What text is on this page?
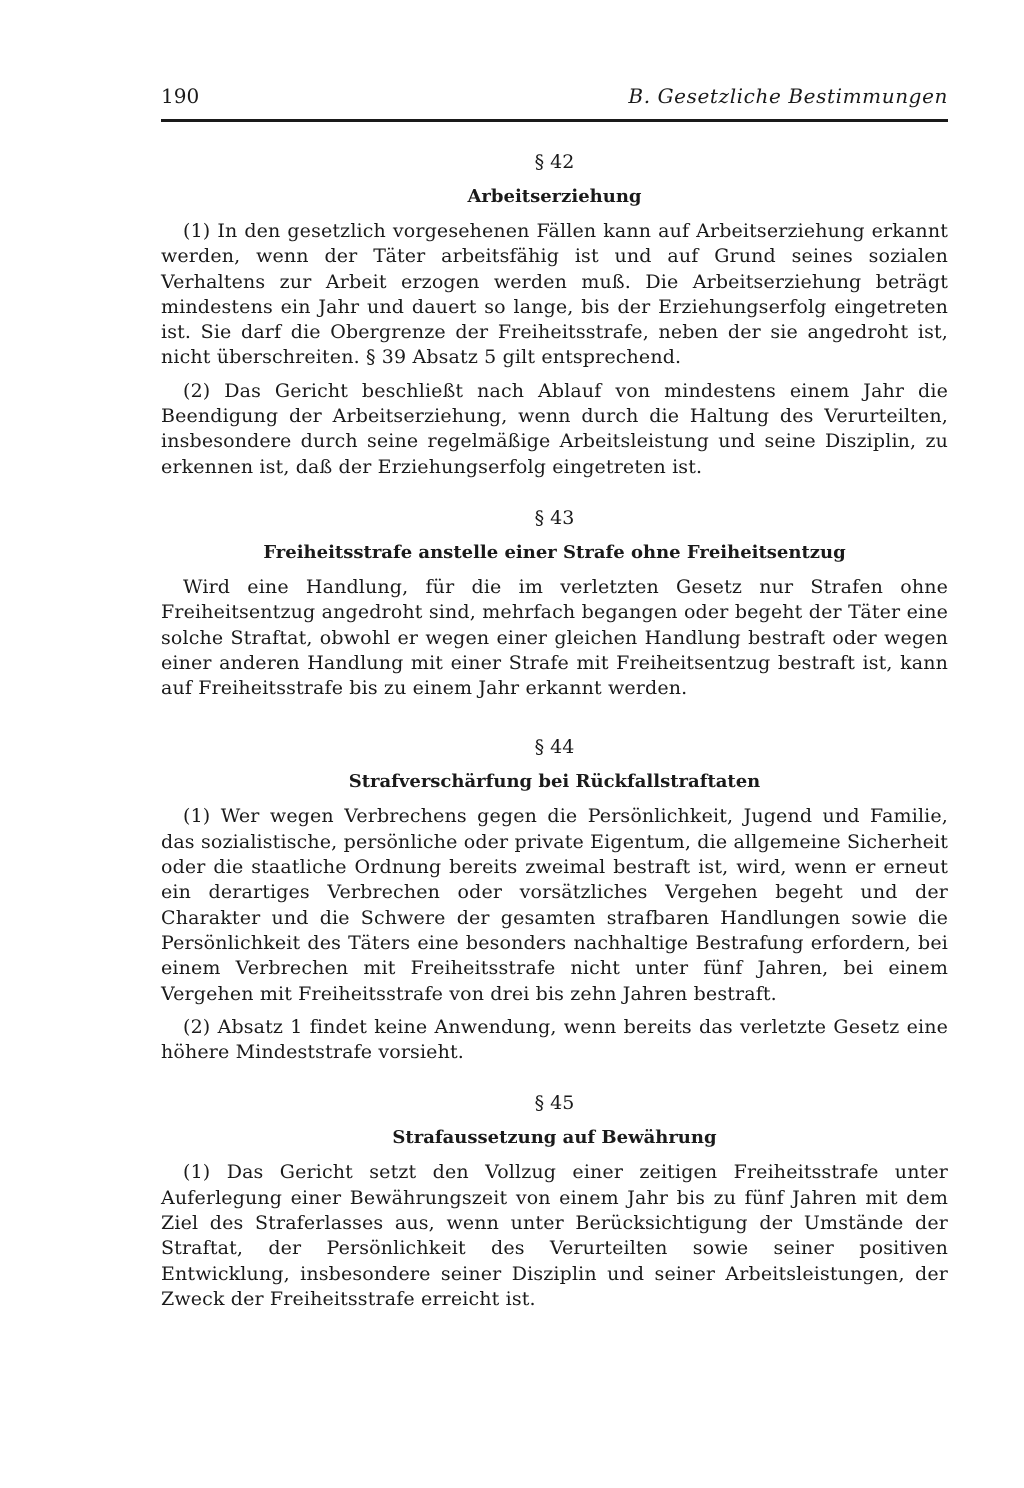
190	B. Gesetzliche Bestimmungen
§ 42
Arbeitserziehung

(1) In den gesetzlich vorgesehenen Fällen kann auf Arbeitserziehung erkannt werden, wenn der Täter arbeitsfähig ist und auf Grund seines sozialen Verhaltens zur Arbeit erzogen werden muß. Die Arbeitserziehung beträgt mindestens ein Jahr und dauert so lange, bis der Erziehungserfolg eingetreten ist. Sie darf die Obergrenze der Freiheitsstrafe, neben der sie angedroht ist, nicht überschreiten. § 39 Absatz 5 gilt entsprechend.

(2) Das Gericht beschließt nach Ablauf von mindestens einem Jahr die Beendigung der Arbeitserziehung, wenn durch die Haltung des Verurteilten, insbesondere durch seine regelmäßige Arbeitsleistung und seine Disziplin, zu erkennen ist, daß der Erziehungserfolg eingetreten ist.

§ 43
Freiheitsstrafe anstelle einer Strafe ohne Freiheitsentzug

Wird eine Handlung, für die im verletzten Gesetz nur Strafen ohne Freiheitsentzug angedroht sind, mehrfach begangen oder begeht der Täter eine solche Straftat, obwohl er wegen einer gleichen Handlung bestraft oder wegen einer anderen Handlung mit einer Strafe mit Freiheitsentzug bestraft ist, kann auf Freiheitsstrafe bis zu einem Jahr erkannt werden.

§ 44
Strafverschärfung bei Rückfallstraftaten

(1) Wer wegen Verbrechens gegen die Persönlichkeit, Jugend und Familie, das sozialistische, persönliche oder private Eigentum, die allgemeine Sicherheit oder die staatliche Ordnung bereits zweimal bestraft ist, wird, wenn er erneut ein derartiges Verbrechen oder vorsätzliches Vergehen begeht und der Charakter und die Schwere der gesamten strafbaren Handlungen sowie die Persönlichkeit des Täters eine besonders nachhaltige Bestrafung erfordern, bei einem Verbrechen mit Freiheitsstrafe nicht unter fünf Jahren, bei einem Vergehen mit Freiheitsstrafe von drei bis zehn Jahren bestraft.

(2) Absatz 1 findet keine Anwendung, wenn bereits das verletzte Gesetz eine höhere Mindeststrafe vorsieht.

§ 45
Strafaussetzung auf Bewährung

(1) Das Gericht setzt den Vollzug einer zeitigen Freiheitsstrafe unter Auferlegung einer Bewährungszeit von einem Jahr bis zu fünf Jahren mit dem Ziel des Straferlasses aus, wenn unter Berücksichtigung der Umstände der Straftat, der Persönlichkeit des Verurteilten sowie seiner positiven Entwicklung, insbesondere seiner Disziplin und seiner Arbeitsleistungen, der Zweck der Freiheitsstrafe erreicht ist.
